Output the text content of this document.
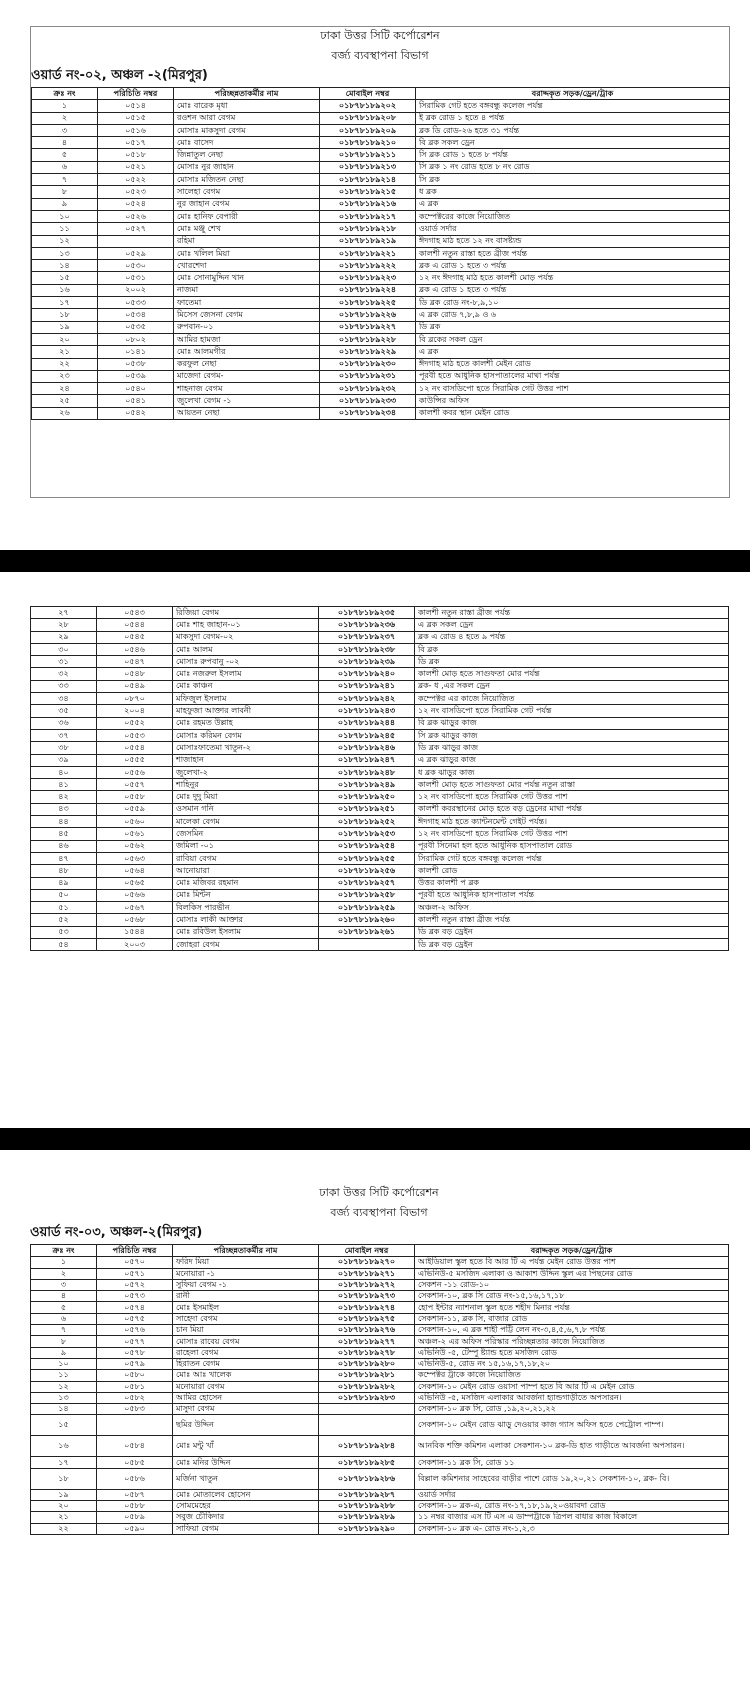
ঢাকা উত্তর সিটি কর্পোরেশন
বর্জ্য ব্যবস্থাপনা বিভাগ
ওয়ার্ড নং-০২, অঞ্চল -২(মিরপুর)
ক্রঃ নং	পরিচিতি নম্বর	পরিচ্ছন্নতাকর্মীর নাম	মোবাইল নম্বর	বরাদ্দকৃত সড়ক/ড্রেন/ট্রাক
১	০৫১৪	মোঃ বারেক মৃধা	০১৮৭৮১৮৯২০২	সিরামিক গেট হতে বঙ্গবন্ধু কলেজ পর্যন্ত
২	০৫১৫	রওশন আরা বেগম	০১৮৭৮১৮৯২০৮	ই ব্লক রোড ১ হতে ৪ পর্যন্ত
৩	০৫১৬	মোসাঃ মাকসুদা বেগম	০১৮৭৮১৮৯২০৯	ব্লক ডি রোড-২৬ হতে ৩১ পর্যন্ত
৪	০৫১৭	মোঃ বাসেদ	০১৮৭৮১৮৯২১০	বি ব্লক সকল ড্রেন
৫	০৫১৮	জিন্নাতুল নেছা	০১৮৭৮১৮৯২১১	সি ব্লক রোড ১ হতে ৮ পর্যন্ত
৬	০৫২১	মোসাঃ নুর জাহান	০১৮৭৮১৮৯২১৩	সি ব্লক ১ নং রোড হতে ৮ নং রোড
৭	০৫২২	মোসাঃ মজিতন নেছা	০১৮৭৮১৮৯২১৪	সি ব্লক
৮	০৫২৩	সালেহা বেগম	০১৮৭৮১৮৯২১৫	ধ ব্লক
৯	০৫২৪	নুর জাহান বেগম	০১৮৭৮১৮৯২১৬	এ ব্লক
১০	০৫২৬	মোঃ হানিফ বেপারী	০১৮৭৮১৮৯২১৭	কম্পেক্টরের কাজে নিয়োজিত
১১	০৫২৭	মোঃ মঞ্জু শেখ	০১৮৭৮১৮৯২১৮	ওয়ার্ড সর্দার
১২		রহিমা	০১৮৭৮১৮৯২১৯	ঈদগাহ মাঠ হতে ১২ নং বাসষ্ট্যন্ড
১৩	০৫২৯	মোঃ খলিল মিয়া	০১৮৭৮১৮৯২২১	কালশী নতুন রাস্তা হতে ব্রীজ পর্যন্ত
১৪	০৫৩০	খোরশেদা	০১৮৭৮১৮৯২২২	ব্লক এ রোড ১ হতে ৩ পর্যন্ত
১৫	০৫৩১	মোঃ সোনামুদ্দিন খান	০১৮৭৮১৮৯২২৩	১২ নং ঈদগাহ মাঠ হতে কালশী মোড় পর্যন্ত
১৬	২০০২	নাজমা	০১৮৭৮১৮৯২২৪	ব্লক এ রোড ১ হতে ৩ পর্যন্ত
১৭	০৫৩৩	ফাতেমা	০১৮৭৮১৮৯২২৫	ডি ব্লক রোড নং-৮,৯,১০
১৮	০৫৩৪	মিসেস জেসনা বেগম	০১৮৭৮১৮৯২২৬	এ ব্লক রোড ৭,৮,৯ ও ৬
১৯	০৫৩৫	রুপবান-০১	০১৮৭৮১৮৯২২৭	ডি ব্লক
২০	০৮০২	আমির হামজা	০১৮৭৮১৮৯২২৮	বি ব্লকের সকল ড্রেন
২১	০১৪১	মোঃ আলমগীর	০১৮৭৮১৮৯২২৯	এ ব্লক
২২	০৫৩৮	করফুল নেছা	০১৮৭৮১৮৯২৩০	ঈদগাহ মাঠ হতে কালশী মেইন রোড
২৩	০৫৩৯	মাজেদা বেগম-	০১৮৭৮১৮৯২৩১	পূরবী হতে আধুনিক হাসপাতালের মাথা পর্যন্ত
২৪	০৫৪০	শাহনাজ বেগম	০১৮৭৮১৮৯২৩২	১২ নং বাসডিপো হতে সিরামিক গেট উত্তর পাশ
২৫	০৫৪১	জুলেখা বেগম -১	০১৮৭৮১৮৯২৩৩	কাউন্সির অফিস
২৬	০৫৪২	আয়তন নেছা	০১৮৭৮১৮৯২৩৪	কালশী কবর স্থান মেইন রোড
২৭	০৫৪৩	রিজিয়া বেগম	০১৮৭৮১৮৯২৩৫	কালশী নতুন রাস্তা ব্রীজ পর্যন্ত
২৮	০৫৪৪	মোঃ শাহ জাহান-০১	০১৮৭৮১৮৯২৩৬	এ ব্লক সকল ড্রেন
২৯	০৫৪৫	মাকসুদা বেগম-০২	০১৮৭৮১৮৯২৩৭	ব্লক এ রোড ৪ হতে ৯ পর্যন্ত
৩০	০৫৪৬	মোঃ আলম	০১৮৭৮১৮৯২৩৮	বি ব্লক
৩১	০৫৪৭	মোসাঃ রুপবানু -০২	০১৮৭৮১৮৯২৩৯	ডি ব্লক
৩২	০৫৪৮	মোঃ নজরুল ইসলাম	০১৮৭৮১৮৯২৪০	কালশী মোড় হতে সাগুফতা মোর পর্যন্ত
৩৩	০৫৪৯	মোঃ কাঞ্চন	০১৮৭৮১৮৯২৪১	ব্লক- ধ ,এর সকল ড্রেন
৩৪	০৮৭০	মফিজুল ইসলাম	০১৮৭৮১৮৯২৪২	কম্পেক্টর এর কাজে নিয়োজিত
৩৫	২০০৪	মাহফুজা আক্তার লাবনী	০১৮৭৮১৮৯২৪৩	১২ নং বাসডিপো হতে সিরামিক গেট পর্যন্ত
৩৬	০৫৫২	মোঃ রহমত উল্লাহ	০১৮৭৮১৮৯২৪৪	বি ব্লক ঝাড়ুর কাজ
৩৭	০৫৫৩	মোসাঃ করিমন বেগম	০১৮৭৮১৮৯২৪৫	সি ব্লক ঝাড়ুর কাজ
৩৮	০৫৫৪	মোসাঃফাতেমা খাতুন-২	০১৮৭৮১৮৯২৪৬	ডি ব্লক ঝাড়ুর কাজ
৩৯	০৫৫৫	শাজাহান	০১৮৭৮১৮৯২৪৭	এ ব্লক ঝাড়ুর কাজ
৪০	০৫৫৬	জুলেখা-২	০১৮৭৮১৮৯২৪৮	ধ ব্লক ঝাড়ুর কাজ
৪১	০৫৫৭	শাহিনুর	০১৮৭৮১৮৯২৪৯	কালশী মোড় হতে সাগুফতা মোর পর্যন্ত নতুন রাস্তা
৪২	০৫৫৮	মোঃ দুদু মিয়া	০১৮৭৮১৮৯২৫০	১২ নং বাসডিপো হতে সিরামিক গেট উত্তর পাশ
৪৩	০৫৫৯	ওসমান গনি	০১৮৭৮১৮৯২৫১	কালশী কবরস্থানের মোড় হতে বড় ড্রেনের মাথা পর্যন্ত
৪৪	০৫৬০	মালেকা বেগম	০১৮৭৮১৮৯২৫২	ঈদগাহ মাঠ হতে ক্যান্টনমেন্ট গেইট পর্যন্ত।
৪৫	০৫৬১	জেসমিন	০১৮৭৮১৮৯২৫৩	১২ নং বাসডিপো হতে সিরামিক গেট উত্তর পাশ
৪৬	০৫৬২	জমিলা -০১	০১৮৭৮১৮৯২৫৪	পূরবী সিনেমা হল হতে আধুনিক হাসপাতাল রোড
৪৭	০৫৬৩	রাবিয়া বেগম	০১৮৭৮১৮৯২৫৫	সিরামিক গেট হতে বঙ্গবন্ধু কলেজ পর্যন্ত
৪৮	০৫৬৪	আনোয়ারা	০১৮৭৮১৮৯২৫৬	কালশী রোড
৪৯	০৫৬৫	মোঃ মজিবর রহমান	০১৮৭৮১৮৯২৫৭	উত্তর কালশী প ব্লক
৫০	০৫৬৬	মোঃ মিন্টন	০১৮৭৮১৮৯২৫৮	পূরবী হতে আধুনিক হাসপাতাল পর্যন্ত
৫১	০৫৬৭	বিলকিস পারভীন	০১৮৭৮১৮৯২৫৯	অঞ্চল-২ অফিস
৫২	০৫৬৮	মোসাঃ লাকী আক্তার	০১৮৭৮১৮৯২৬০	কালশী নতুন রাস্তা ব্রীজ পর্যন্ত
৫৩	১৫৪৪	মোঃ রবিউল ইসলাম	০১৮৭৮১৮৯২৬১	ডি ব্লক বড় ড্রেইন
৫৪	২০০৩	জোহরা বেগম		ডি ব্লক বড় ড্রেইন
ঢাকা উত্তর সিটি কর্পোরেশন
বর্জ্য ব্যবস্থাপনা বিভাগ
ওয়ার্ড নং-০৩, অঞ্চল-২(মিরপুর)
ক্রঃ নং	পরিচিতি নম্বর	পরিচ্ছন্নতাকর্মীর নাম	মোবাইল নম্বর	বরাদ্দকৃত সড়ক/ড্রেন/ট্রাক
১	০৫৭০	ফরিদ মিয়া	০১৮৭৮১৮৯২৭০	আইডিয়াল স্কুল হতে বি আর টি এ পর্যন্ত মেইন রোড উত্তর পাশ
২	০৫৭১	মনোয়ারা -১	০১৮৭৮১৮৯২৭১	এভিনিউ-৫ মসজিদ এলাকা ও আকাশ উদ্দিন স্কুল এর পিছনের রোড
৩	০৫৭২	সুফিয়া বেগম -১	০১৮৭৮১৮৯২৭২	সেকশন -১১ রোড-১০
৪	০৫৭৩	রানী	০১৮৭৮১৮৯২৭৩	সেকশান-১০, ব্লক সি রোড নং-১৫,১৬,১৭,১৮
৫	০৫৭৪	মোঃ ইসমাইল	০১৮৭৮১৮৯২৭৪	হোপ ইন্টার ন্যাশনাল স্কুল হতে শহীদ মিনার পর্যন্ত
৬	০৫৭৫	সাহেদা বেগম	০১৮৭৮১৮৯২৭৫	সেকশান-১১, ব্লক সি, বাজার রোড
৭	০৫৭৬	চান মিয়া	০১৮৭৮১৮৯২৭৬	সেকশান-১০, এ ব্লক শাহী পট্টি লেন নং-৩,৪,৫,৬,৭,৮ পর্যন্ত
৮	০৫৭৭	মোসাঃ রাবেয় বেগম	০১৮৭৮১৮৯২৭৭	অঞ্চল-২ এর অফিস পরিস্কার পরিচ্ছন্নতার কাজে নিয়োজিত
৯	০৫৭৮	রাহেলা বেগম	০১৮৭৮১৮৯২৭৮	এভিনিউ -৫, টেম্পু ষ্ট্যান্ড হতে মসজিদ রোড
১০	০৫৭৯	হিরাতন বেগম	০১৮৭৮১৮৯২৮০	এভিনিউ-৫, রোড নং ১৫,১৬,১৭,১৮,২০
১১	০৫৮০	মোঃ আঃ খালেক	০১৮৭৮১৮৯২৮১	কম্পেক্টর ট্রাকে কাজে নিয়োজিত
১২	০৫৮১	মনোয়ারা বেগম	০১৮৭৮১৮৯২৮২	সেকশান-১০ মেইন রোড ওয়াসা পাম্প হতে বি আর টি এ মেইন রোড
১৩	০৫৮২	আমির হোসেন	০১৮৭৮১৮৯২৮৩	এভিনিউ -৫, মসজিদ এলাকার আবর্জনা হ্যান্ডগাড়ীতে অপসারন।
১৪	০৫৮৩	মাসুদা বেগম		সেকশান-১০ ব্লক সি, রোড ,১৯,২০,২১,২২
১৫		ছমির উদ্দিন		সেকশান-১০ মেইন রোড ঝাড়ু দেওয়ার কাজ গ্যাস অফিস হতে পেট্রোল পাম্প।
১৬	০৫৮৪	মোঃ মন্টু খাঁ	০১৮৭৮১৮৯২৮৪	আনবিক শক্তি কমিশন এলাকা সেকশান-১০ ব্লক-ডি হাত গাড়ীতে আবর্জনা অপসারন।
১৭	০৫৮৫	মোঃ মনির উদ্দিন	০১৮৭৮১৮৯২৮৫	সেকশান-১১ ব্লক সি, রোড ১১
১৮	০৫৮৬	মর্জিনা খাতুন	০১৮৭৮১৮৯২৮৬	বিল্লাল কমিশনার সাহেবের বাড়ীর পাশে রোড ১৯,২০,২১ সেকশান-১০, ব্লক- বি।
১৯	০৫৮৭	মোঃ মোতালেব হোসেন	০১৮৭৮১৮৯২৮৭	ওয়ার্ড সর্দার
২০	০৫৮৮	সোমমেহের	০১৮৭৮১৮৯২৮৮	সেকশান-১০ ব্লক-এ, রোড নং-১৭,১৮,১৯,২০ওয়াবদা রোড
২১	০৫৮৯	সবুজ চৌকিদার	০১৮৭৮১৮৯২৮৯	১১ নম্বর বাজার এস টি এস এ ডাম্পট্রাকে ত্রিপল বাধার কাজ বিকালে
২২	০৫৯০	সাফিয়া বেগম	০১৮৭৮১৮৯২৯০	সেকশান-১০ ব্লক এ- রোড নং-১,২,৩
